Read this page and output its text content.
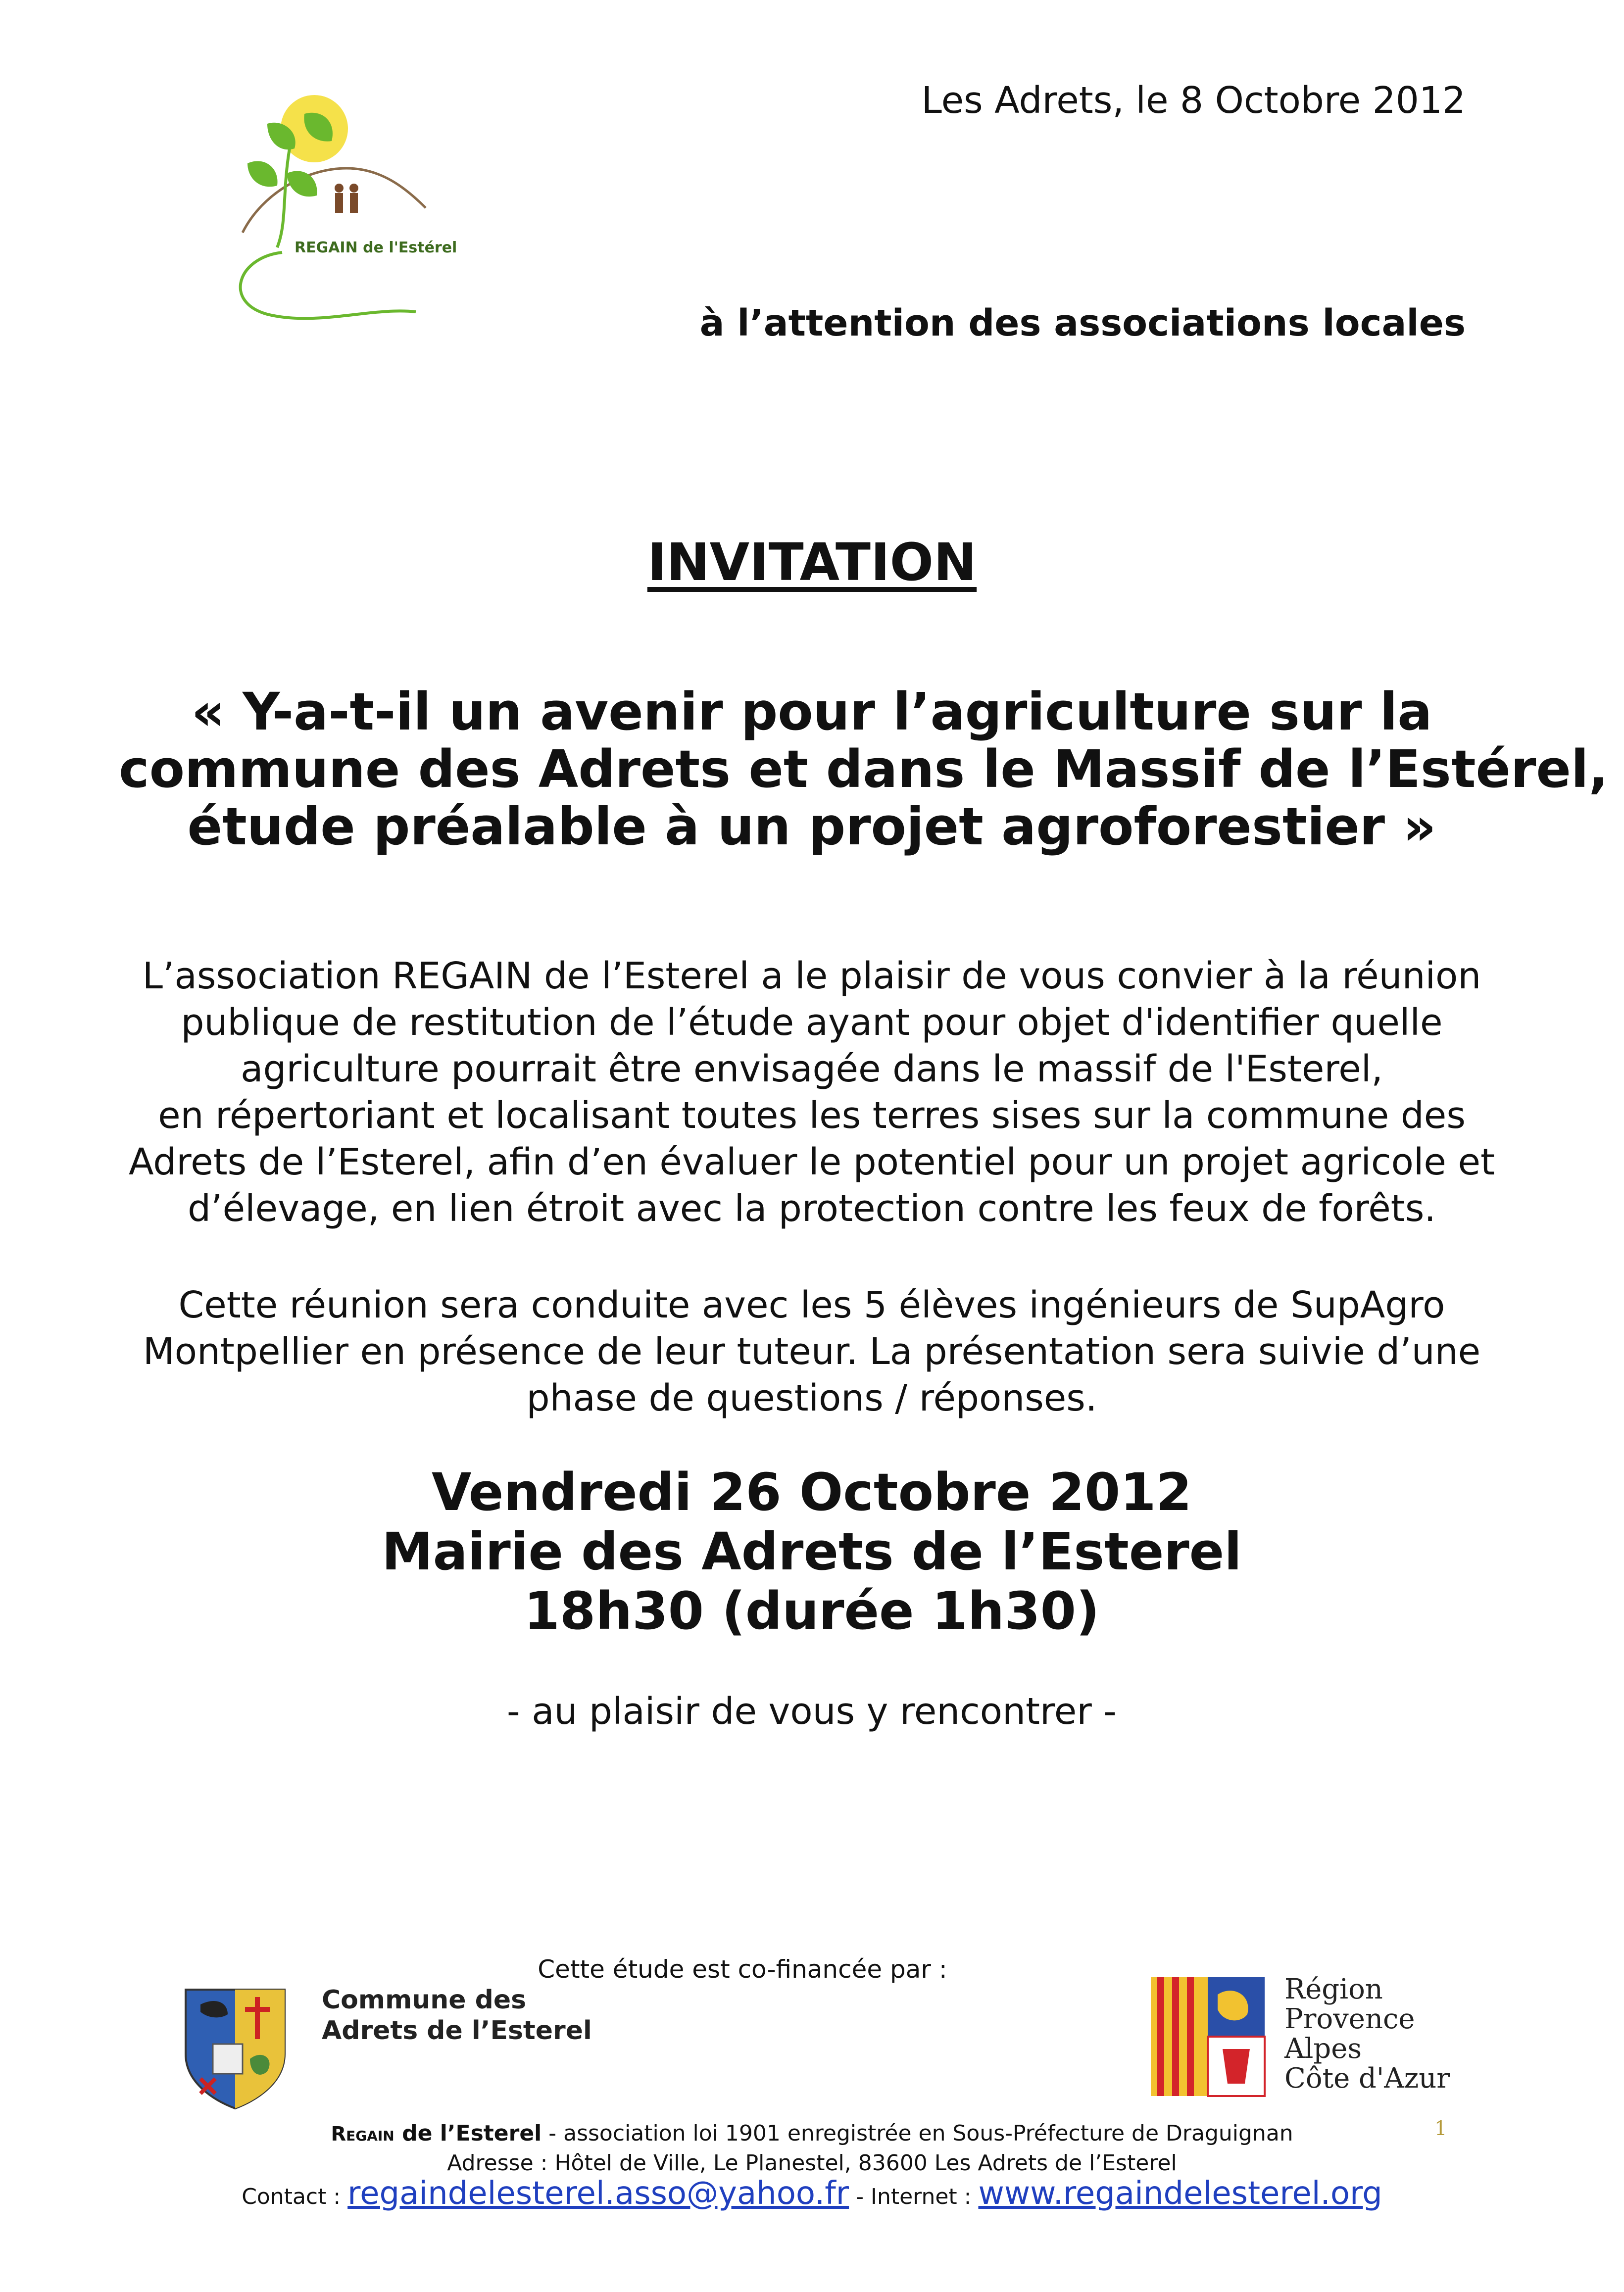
REGAIN de l'Estérel
Les Adrets, le 8 Octobre 2012
à l’attention des associations locales
INVITATION
« Y-a-t-il un avenir pour l’agriculture sur la
commune des Adrets et dans le Massif de l’Estérel,
étude préalable à un projet agroforestier »
L’association REGAIN de l’Esterel a le plaisir de vous convier à la réunion
publique de restitution de l’étude ayant pour objet d'identifier quelle
agriculture pourrait être envisagée dans le massif de l'Esterel,
en répertoriant et localisant toutes les terres sises sur la commune des
Adrets de l’Esterel, afin d’en évaluer le potentiel pour un projet agricole et
d’élevage, en lien étroit avec la protection contre les feux de forêts.
Cette réunion sera conduite avec les 5 élèves ingénieurs de SupAgro
Montpellier en présence de leur tuteur. La présentation sera suivie d’une
phase de questions / réponses.
Vendredi 26 Octobre 2012
Mairie des Adrets de l’Esterel
18h30 (durée 1h30)
- au plaisir de vous y rencontrer -
Cette étude est co-financée par :
Commune des
Adrets de l’Esterel
Région
Provence
Alpes
Côte d'Azur
Regain de l’Esterel - association loi 1901 enregistrée en Sous-Préfecture de Draguignan	1
Adresse : Hôtel de Ville, Le Planestel, 83600 Les Adrets de l’Esterel
Contact : regaindelesterel.asso@yahoo.fr - Internet : www.regaindelesterel.org
